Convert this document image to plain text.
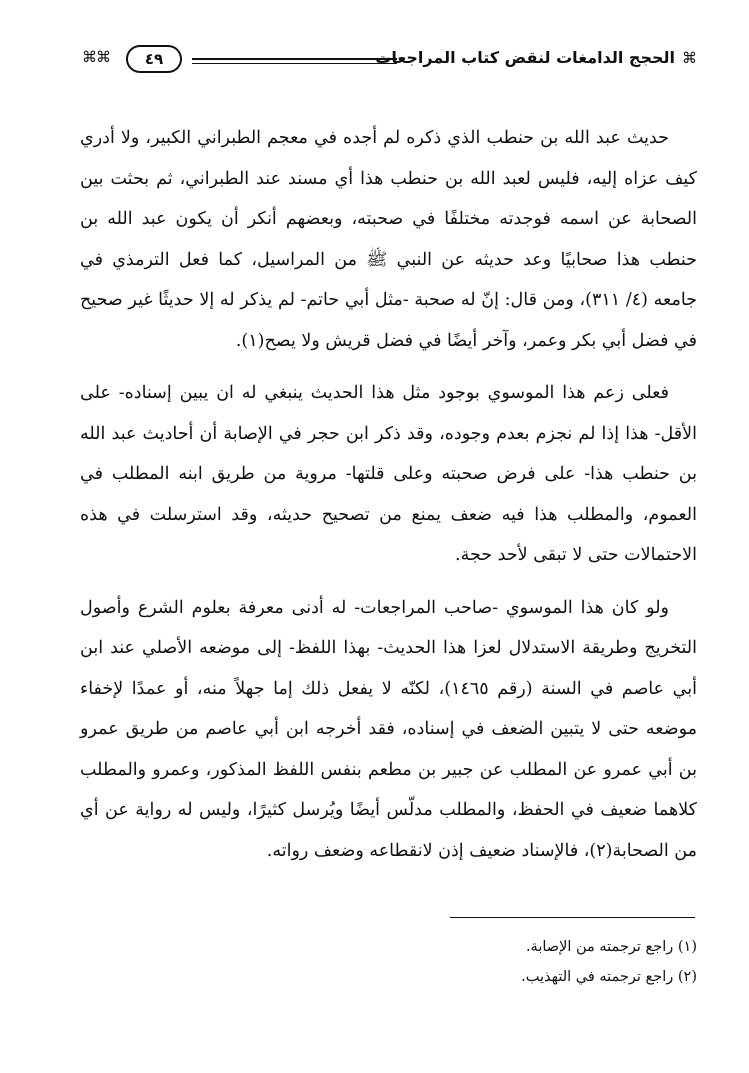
⌘
الحجج الدامغات لنقض كتاب المراجعات
٤٩
⌘⌘

حديث عبد الله بن حنطب الذي ذكره لم أجده في معجم الطبراني الكبير، ولا أدري كيف عزاه إليه، فليس لعبد الله بن حنطب هذا أي مسند عند الطبراني، ثم بحثت بين الصحابة عن اسمه فوجدته مختلفًا في صحبته، وبعضهم أنكر أن يكون عبد الله بن حنطب هذا صحابيًا وعد حديثه عن النبي ﷺ من المراسيل، كما فعل الترمذي في جامعه (٤/ ٣١١)، ومن قال: إنّ له صحبة -مثل أبي حاتم- لم يذكر له إلا حديثًا غير صحيح في فضل أبي بكر وعمر، وآخر أيضًا في فضل قريش ولا يصح(١).

فعلى زعم هذا الموسوي بوجود مثل هذا الحديث ينبغي له ان يبين إسناده- على الأقل- هذا إذا لم نجزم بعدم وجوده، وقد ذكر ابن حجر في الإصابة أن أحاديث عبد الله بن حنطب هذا- على فرض صحبته وعلى قلتها- مروية من طريق ابنه المطلب في العموم، والمطلب هذا فيه ضعف يمنع من تصحيح حديثه، وقد استرسلت في هذه الاحتمالات حتى لا تبقى لأحد حجة.

ولو كان هذا الموسوي -صاحب المراجعات- له أدنى معرفة بعلوم الشرع وأصول التخريج وطريقة الاستدلال لعزا هذا الحديث- بهذا اللفظ- إلى موضعه الأصلي عند ابن أبي عاصم في السنة (رقم ١٤٦٥)، لكنّه لا يفعل ذلك إما جهلاً منه، أو عمدًا لإخفاء موضعه حتى لا يتبين الضعف في إسناده، فقد أخرجه ابن أبي عاصم من طريق عمرو بن أبي عمرو عن المطلب عن جبير بن مطعم بنفس اللفظ المذكور، وعمرو والمطلب كلاهما ضعيف في الحفظ، والمطلب مدلّس أيضًا ويُرسل كثيرًا، وليس له رواية عن أي من الصحابة(٢)، فالإسناد ضعيف إذن لانقطاعه وضعف رواته.

(١) راجع ترجمته من الإصابة.
(٢) راجع ترجمته في التهذيب.
